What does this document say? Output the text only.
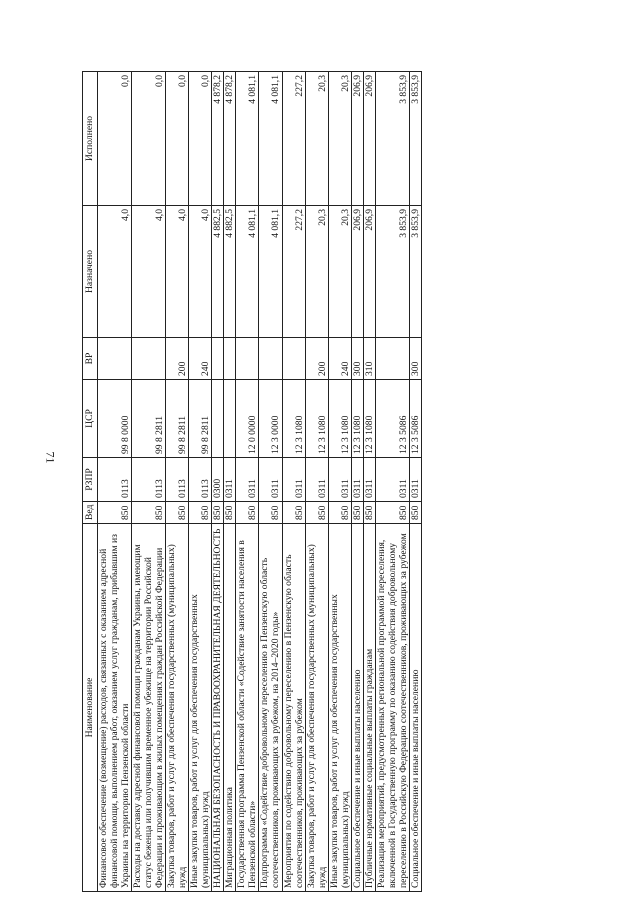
71
Наименование	Вед	РЗПР	ЦСР	ВР	Назначено	Исполнено
Финансовое обеспечение (возмещение) расходов, связанных с оказанием адресной финансовой помощи, выполнением работ, оказанием услуг гражданам, прибывшим из Украины на территорию Пензенской области	850	0113	99 8 0000		4,0	0,0
Расходы на доставку адресной финансовой помощи гражданам Украины, имеющим статус беженца или получившим временное убежище на территории Российской Федерации и проживающим в жилых помещениях граждан Российской Федерации	850	0113	99 8 2811		4,0	0,0
Закупка товаров, работ и услуг для обеспечения государственных (муниципальных) нужд	850	0113	99 8 2811	200	4,0	0,0
Иные закупки товаров, работ и услуг для обеспечения государственных (муниципальных) нужд	850	0113	99 8 2811	240	4,0	0,0
НАЦИОНАЛЬНАЯ БЕЗОПАСНОСТЬ И ПРАВООХРАНИТЕЛЬНАЯ ДЕЯТЕЛЬНОСТЬ	850	0300			4 882,5	4 878,2
Миграционная политика	850	0311			4 882,5	4 878,2
Государственная программа Пензенской области «Содействие занятости населения в Пензенской области»	850	0311	12 0 0000		4 081,1	4 081,1
Подпрограмма «Содействие добровольному переселению в Пензенскую область соотечественников, проживающих за рубежом, на 2014–2020 годы»	850	0311	12 3 0000		4 081,1	4 081,1
Мероприятия по содействию добровольному переселению в Пензенскую область соотечественников, проживающих за рубежом	850	0311	12 3 1080		227,2	227,2
Закупка товаров, работ и услуг для обеспечения государственных (муниципальных) нужд	850	0311	12 3 1080	200	20,3	20,3
Иные закупки товаров, работ и услуг для обеспечения государственных (муниципальных) нужд	850	0311	12 3 1080	240	20,3	20,3
Социальное обеспечение и иные выплаты населению	850	0311	12 3 1080	300	206,9	206,9
Публичные нормативные социальные выплаты гражданам	850	0311	12 3 1080	310	206,9	206,9
Реализация мероприятий, предусмотренных региональной программой переселения, включенной в Государственную программу по оказанию содействия добровольному переселению в Российскую Федерацию соотечественников, проживающих за рубежом	850	0311	12 3 5086		3 853,9	3 853,9
Социальное обеспечение и иные выплаты населению	850	0311	12 3 5086	300	3 853,9	3 853,9
